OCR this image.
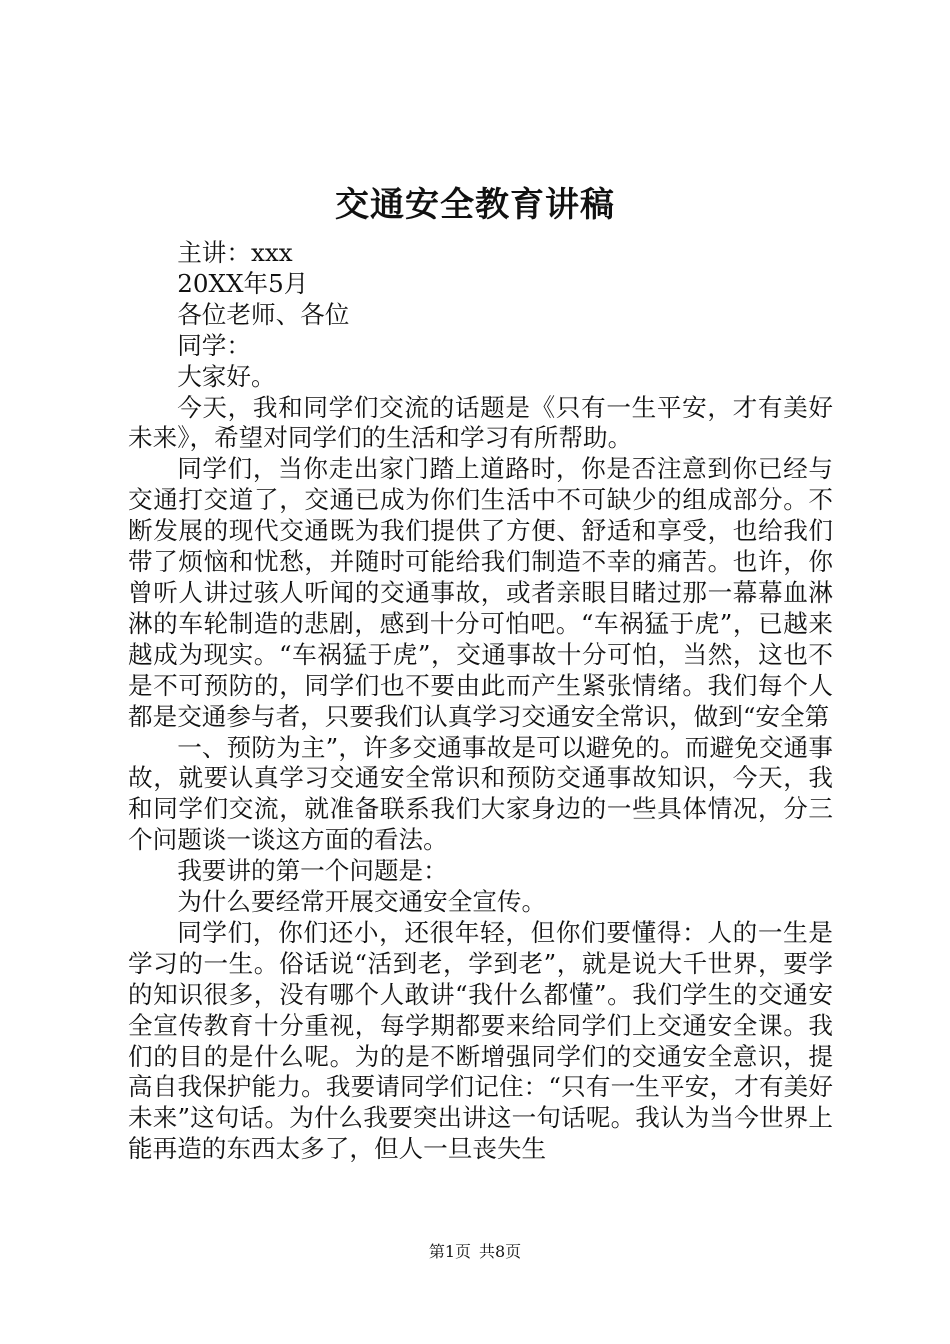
交通安全教育讲稿

主讲：xxx

20XX年5月

各位老师、各位

同学：

大家好。

今天，我和同学们交流的话题是《只有一生平安，才有美好未来》，希望对同学们的生活和学习有所帮助。

同学们，当你走出家门踏上道路时，你是否注意到你已经与交通打交道了，交通已成为你们生活中不可缺少的组成部分。不断发展的现代交通既为我们提供了方便、舒适和享受，也给我们带了烦恼和忧愁，并随时可能给我们制造不幸的痛苦。也许，你曾听人讲过骇人听闻的交通事故，或者亲眼目睹过那一幕幕血淋淋的车轮制造的悲剧，感到十分可怕吧。“车祸猛于虎”，已越来越成为现实。“车祸猛于虎”，交通事故十分可怕，当然，这也不是不可预防的，同学们也不要由此而产生紧张情绪。我们每个人都是交通参与者，只要我们认真学习交通安全常识，做到“安全第

一、预防为主”，许多交通事故是可以避免的。而避免交通事故，就要认真学习交通安全常识和预防交通事故知识，今天，我和同学们交流，就准备联系我们大家身边的一些具体情况，分三个问题谈一谈这方面的看法。

我要讲的第一个问题是：

为什么要经常开展交通安全宣传。

同学们，你们还小，还很年轻，但你们要懂得：人的一生是学习的一生。俗话说“活到老，学到老”，就是说大千世界，要学的知识很多，没有哪个人敢讲“我什么都懂”。我们学生的交通安全宣传教育十分重视，每学期都要来给同学们上交通安全课。我们的目的是什么呢。为的是不断增强同学们的交通安全意识，提高自我保护能力。我要请同学们记住：“只有一生平安，才有美好未来”这句话。为什么我要突出讲这一句话呢。我认为当今世界上能再造的东西太多了，但人一旦丧失生

第1页 共8页
